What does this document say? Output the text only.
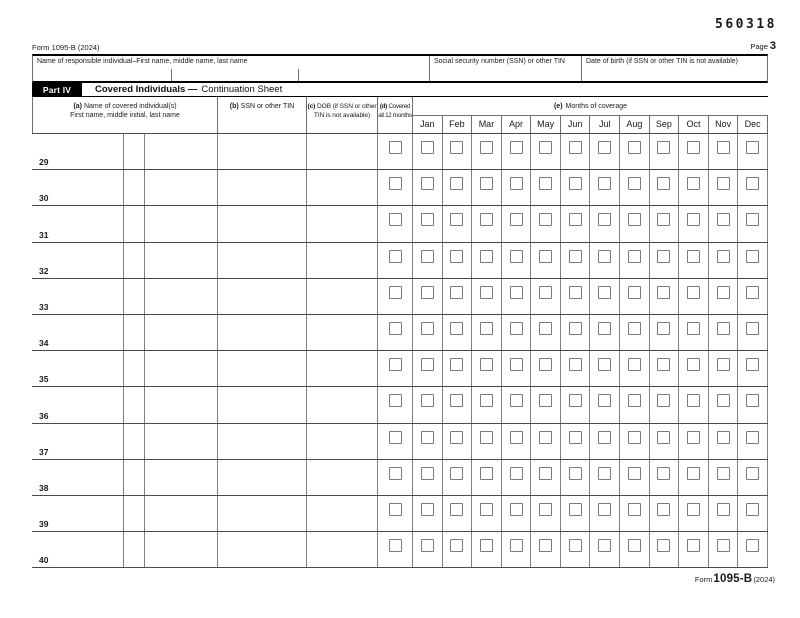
560318
Form 1095-B (2024)	Page 3
Name of responsible individual–First name, middle name, last name	Social security number (SSN) or other TIN	Date of birth (if SSN or other TIN is not available)
Part IV	Covered Individuals — Continuation Sheet
(a) Name of covered individual(s)
First name, middle initial, last name
(b) SSN or other TIN	(c) DOB (if SSN or other
TIN is not available)
(d) Covered
all 12 months
(e) Months of coverage
Jan	Feb	Mar	Apr	May	Jun	Jul	Aug	Sep	Oct	Nov	Dec
29
30
31
32
33
34
35
36
37
38
39
40
Form1095-B(2024)
